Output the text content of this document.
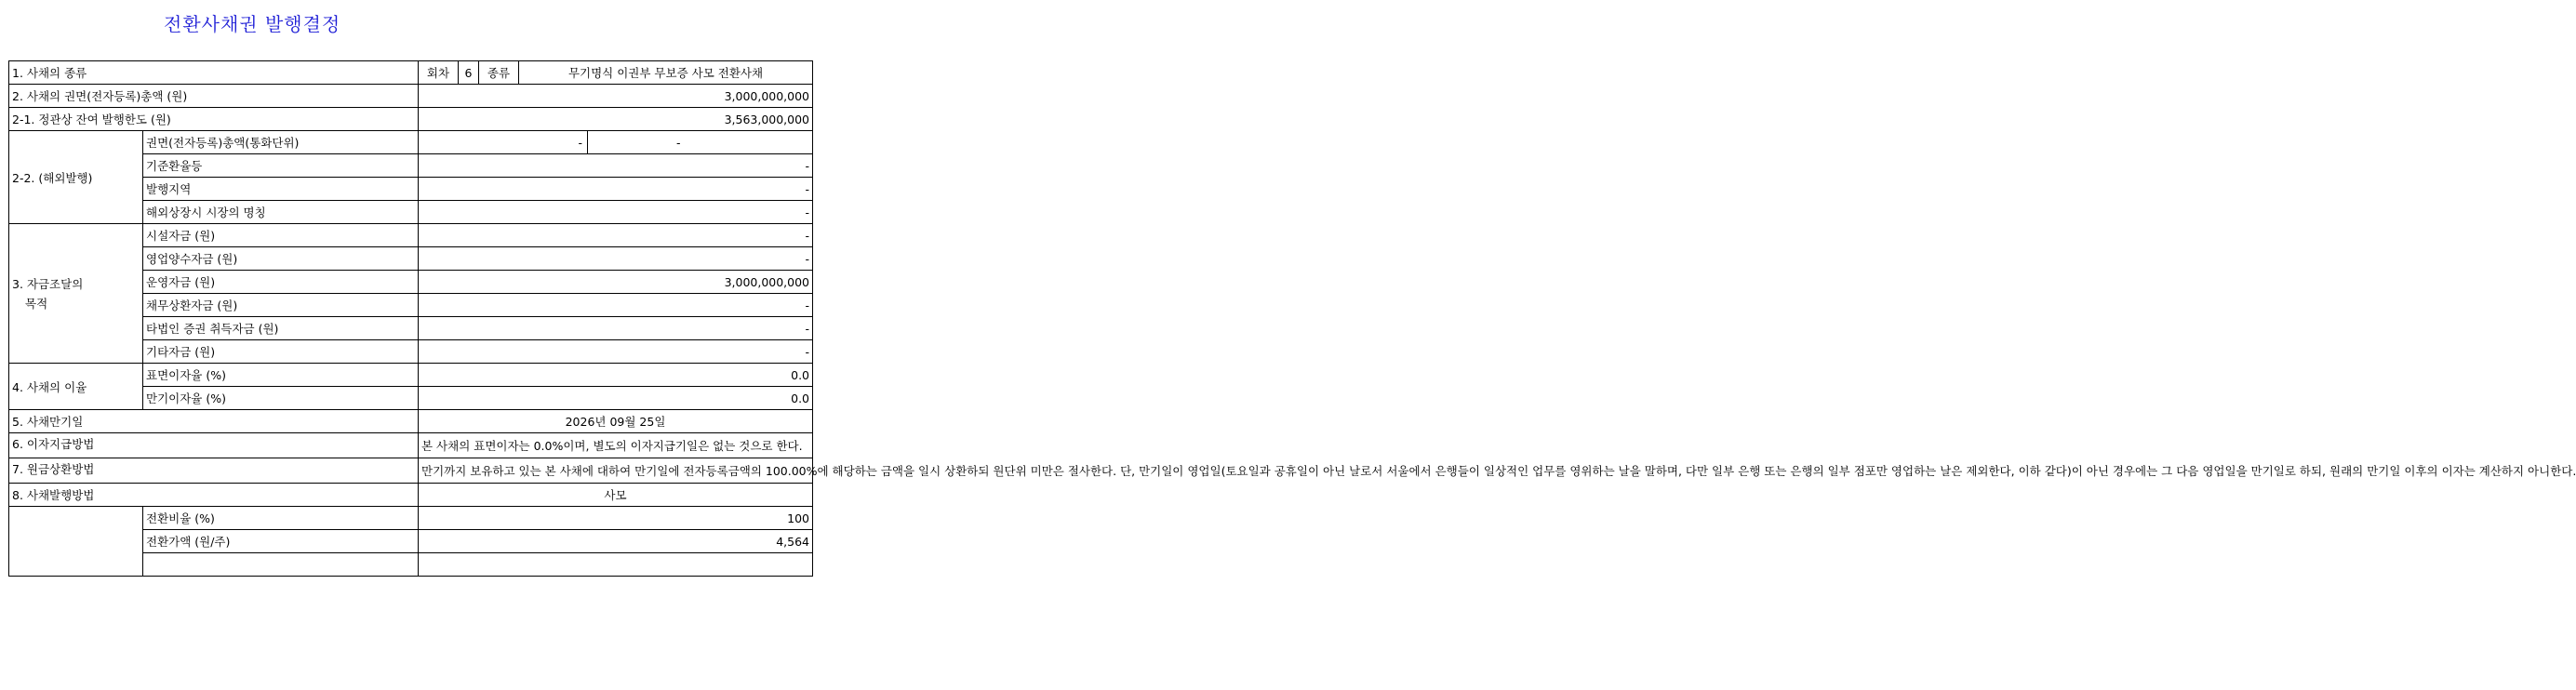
전환사채권 발행결정
1. 사채의 종류		회차	6	종류	무기명식 이권부 무보증 사모 전환사채	
2. 사채의 권면(전자등록)총액 (원)		3,000,000,000				
2-1. 정관상 잔여 발행한도 (원)		3,563,000,000				
2-2. (해외발행)	권면(전자등록)총액(통화단위)	-				-
	기준환율등	-				
	발행지역	-				
	해외상장시 시장의 명칭	-				

3. 자금조달의
목적	시설자금 (원)	-				
	영업양수자금 (원)	-				
	운영자금 (원)	3,000,000,000				
	채무상환자금 (원)	-				
	타법인 증권 취득자금 (원)	-				
	기타자금 (원)	-				
4. 사채의 이율	표면이자율 (%)	0.0				
	만기이자율 (%)	0.0				
5. 사채만기일		2026년 09월 25일				
6. 이자지급방법		본 사채의 표면이자는 0.0%이며, 별도의 이자지급기일은 없는 것으로 한다.				
7. 원금상환방법		만기까지 보유하고 있는 본 사채에 대하여 만기일에 전자등록금액의 100.00%에 해당하는 금액을 일시 상환하되 원단위 미만은 절사한다. 단, 만기일이 영업일(토요일과 공휴일이 아닌 날로서 서울에서 은행들이 일상적인 업무를 영위하는 날을 말하며, 다만 일부 은행 또는 은행의 일부 점포만 영업하는 날은 제외한다, 이하 같다)이 아닌 경우에는 그 다음 영업일을 만기일로 하되, 원래의 만기일 이후의 이자는 계산하지 아니한다.				
8. 사채발행방법		사모				
	전환비율 (%)	100				
	전환가액 (원/주)	4,564				
